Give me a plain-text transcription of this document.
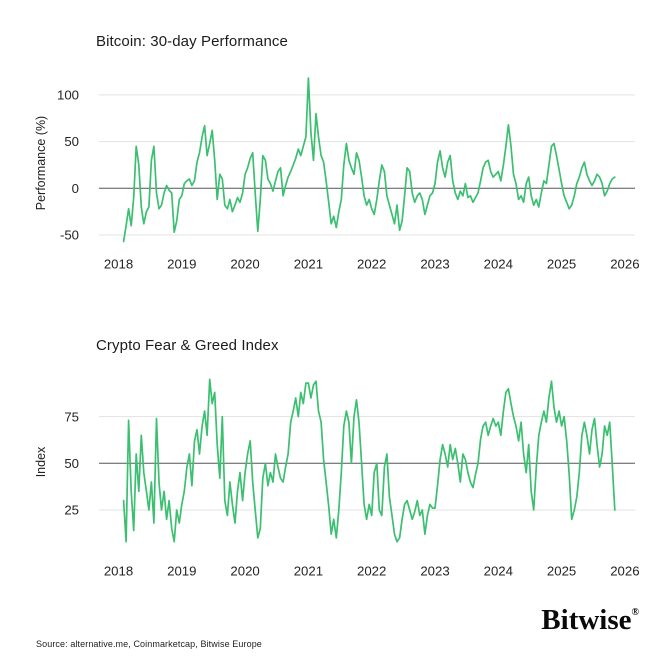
Bitcoin: 30-day Performance
Performance (%)
Crypto Fear & Greed Index
Index
100
50
0
-50
2018	2019	2020	2021	2022	2023	2024	2025	2026
75
50
25
2018	2019	2020	2021	2022	2023	2024	2025	2026
Source: alternative.me, Coinmarketcap, Bitwise Europe
Bitwise®
